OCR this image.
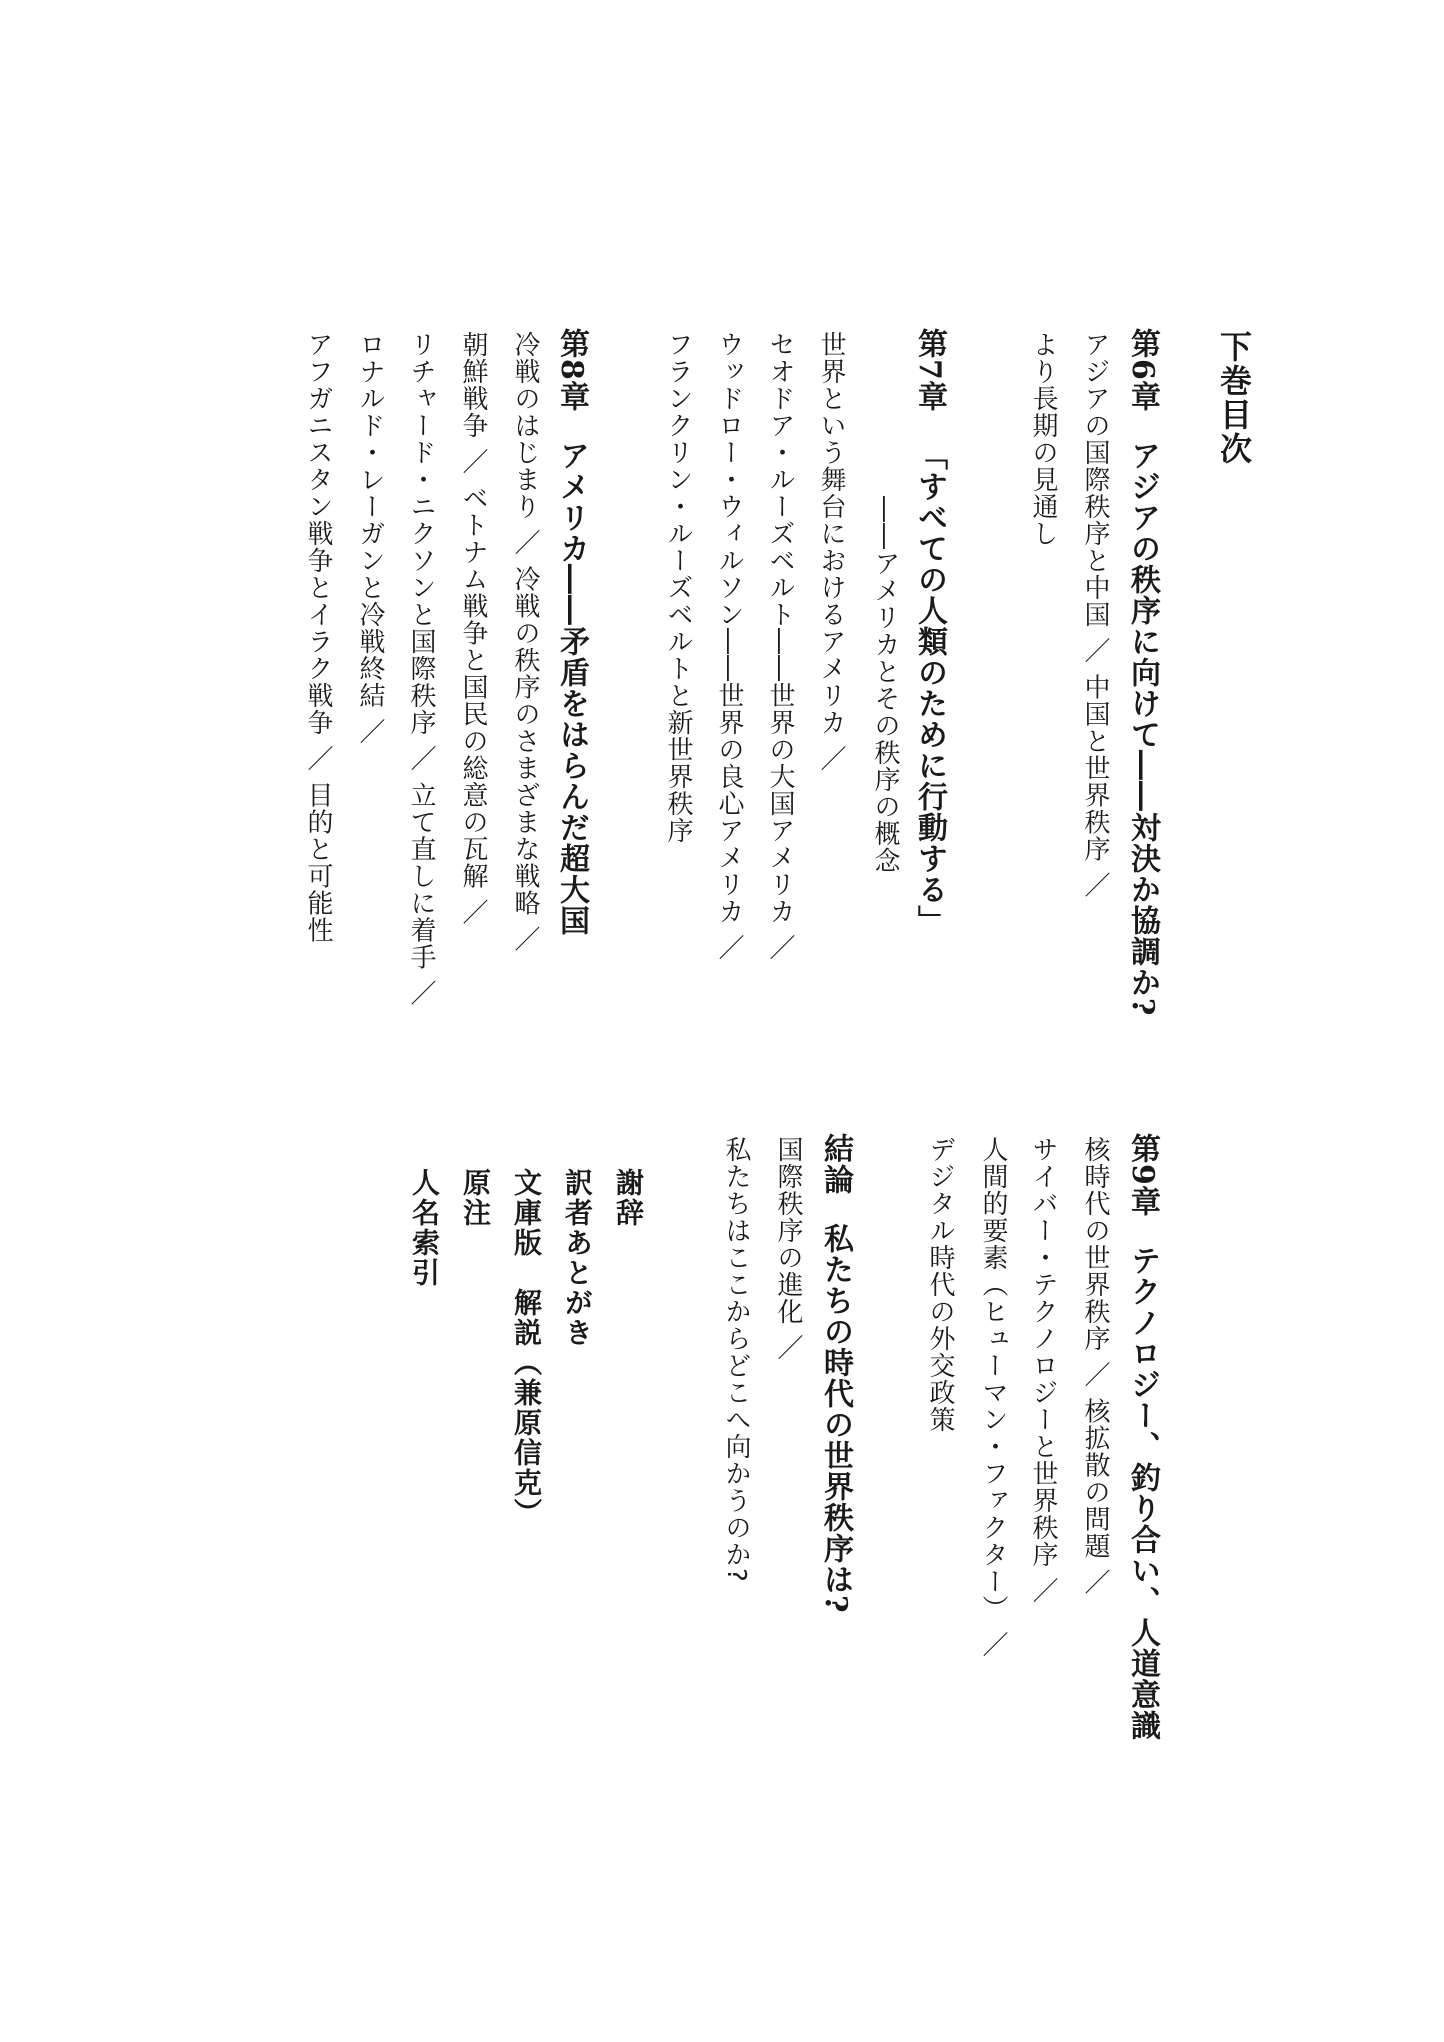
下巻目次
第6章アジアの秩序に向けて――対決か協調か?
アジアの国際秩序と中国 ／ 中国と世界秩序 ／
より長期の見通し
第7章「すべての人類のために行動する」
――アメリカとその秩序の概念
世界という舞台におけるアメリカ ／
セオドア・ルーズベルト――世界の大国アメリカ ／
ウッドロー・ウィルソン――世界の良心アメリカ ／
フランクリン・ルーズベルトと新世界秩序
第8章アメリカ――矛盾をはらんだ超大国
冷戦のはじまり ／ 冷戦の秩序のさまざまな戦略 ／
朝鮮戦争 ／ ベトナム戦争と国民の総意の瓦解 ／
リチャード・ニクソンと国際秩序 ／ 立て直しに着手 ／
ロナルド・レーガンと冷戦終結 ／
アフガニスタン戦争とイラク戦争 ／ 目的と可能性
第9章テクノロジー、釣り合い、人道意識
核時代の世界秩序 ／ 核拡散の問題 ／
サイバー・テクノロジーと世界秩序 ／
人間的要素（ヒューマン・ファクター） ／
デジタル時代の外交政策
結論私たちの時代の世界秩序は?
国際秩序の進化 ／
私たちはここからどこへ向かうのか?
謝辞
訳者あとがき
文庫版　解説（兼原信克）
原注
人名索引
